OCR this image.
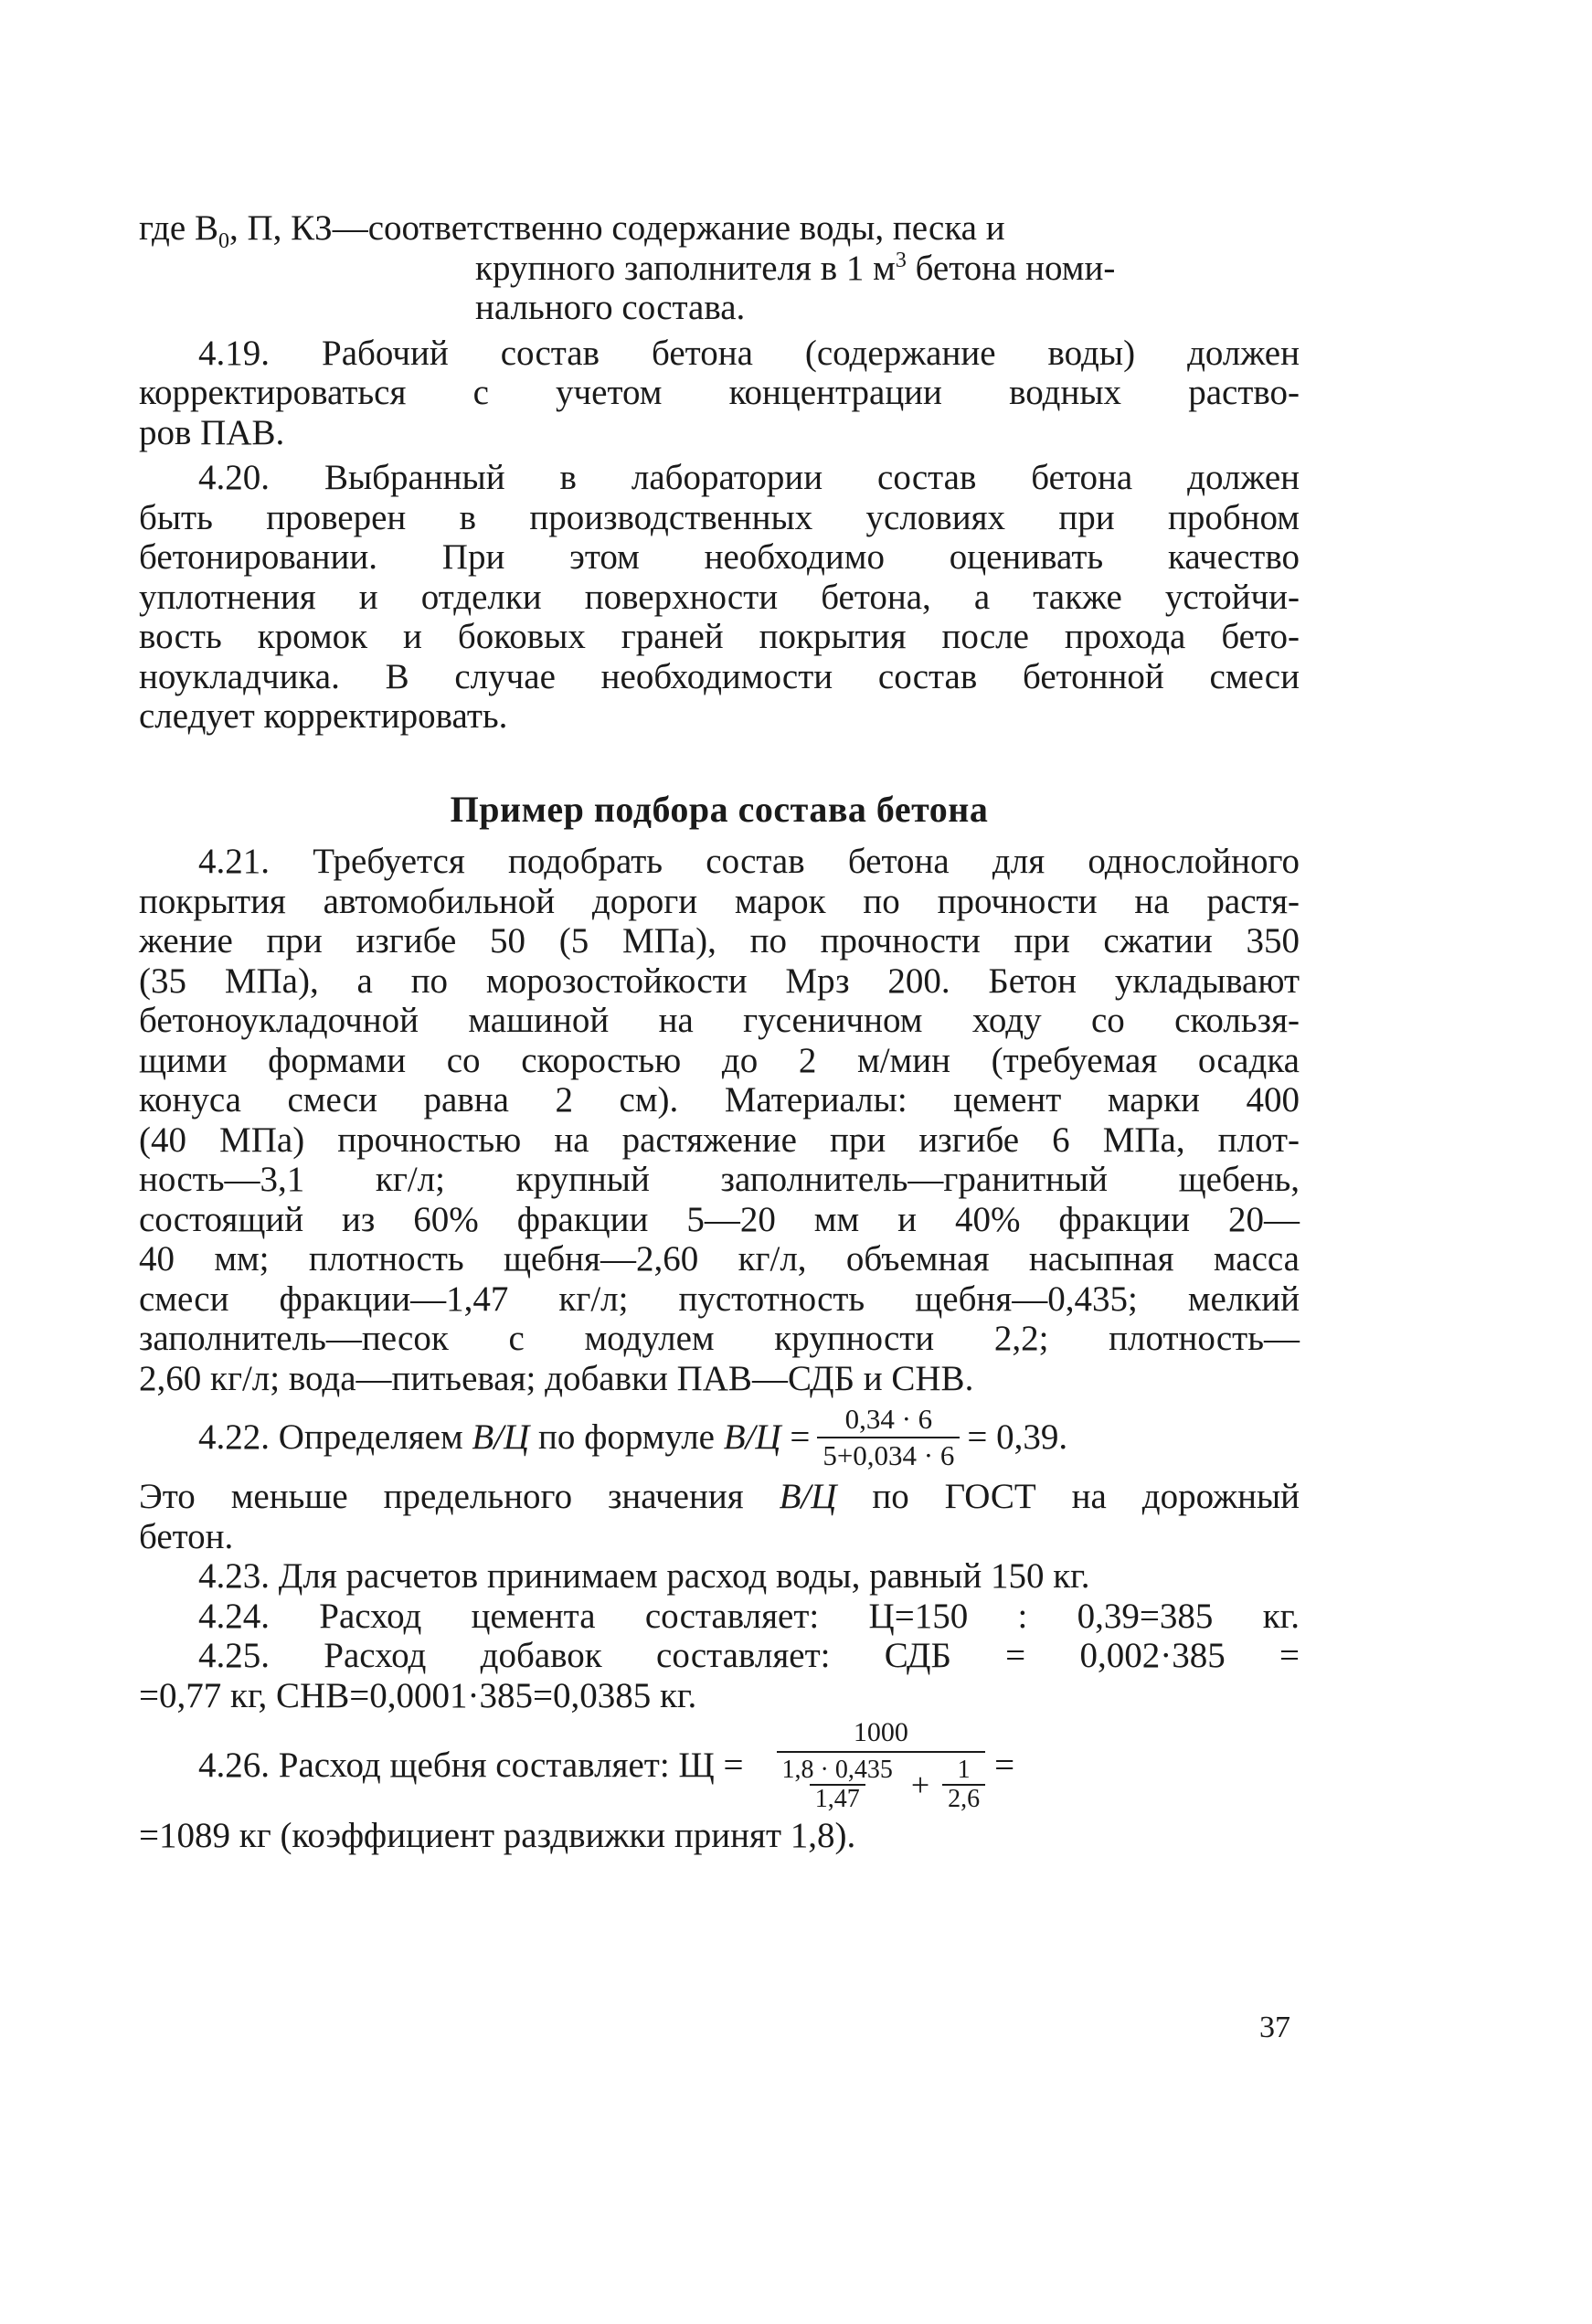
где $В_0$, П, КЗ—соответственно содержание воды, песка и
крупного заполнителя в 1 $м^3$ бетона номи-
нального состава.
4.19. Рабочий состав бетона (содержание воды) должен
корректироваться с учетом концентрации водных раство-
ров ПАВ.
4.20. Выбранный в лаборатории состав бетона должен
быть проверен в производственных условиях при пробном
бетонировании. При этом необходимо оценивать качество
уплотнения и отделки поверхности бетона, а также устойчи-
вость кромок и боковых граней покрытия после прохода бето-
ноукладчика. В случае необходимости состав бетонной смеси
следует корректировать.
Пример подбора состава бетона
4.21. Требуется подобрать состав бетона для однослойного
покрытия автомобильной дороги марок по прочности на растя-
жение при изгибе 50 (5 МПа), по прочности при сжатии 350
(35 МПа), а по морозостойкости Мрз 200. Бетон укладывают
бетоноукладочной машиной на гусеничном ходу со скользя-
щими формами со скоростью до 2 м/мин (требуемая осадка
конуса смеси равна 2 см). Материалы: цемент марки 400
(40 МПа) прочностью на растяжение при изгибе 6 МПа, плот-
ность—3,1 кг/л; крупный заполнитель—гранитный щебень,
состоящий из 60% фракции 5—20 мм и 40% фракции 20—
40 мм; плотность щебня—2,60 кг/л, объемная насыпная масса
смеси фракции—1,47 кг/л; пустотность щебня—0,435; мелкий
заполнитель—песок с модулем крупности 2,2; плотность—
2,60 кг/л; вода—питьевая; добавки ПАВ—СДБ и СНВ.
4.22. Определяем
В/Ц
по формуле
В/Ц
= $\frac{0,34 \cdot 6}{5+0,034 \cdot 6} = 0,39$.
Это меньше предельного значения В/Ц по ГОСТ на дорожный
бетон.
4.23. Для расчетов принимаем расход воды, равный 150 кг.
4.24. Расход цемента составляет: Ц=150 : 0,39=385 кг.
4.25. Расход добавок составляет: СДБ = 0,002·385 =
=0,77 кг, СНВ=0,0001·385=0,0385 кг.
4.26. Расход щебня составляет: Щ =
1000
$\frac{1,8 \cdot 0,435}{1,47} + \frac{1}{2,6}$ =
=1089 кг (коэффициент раздвижки принят 1,8).
37
